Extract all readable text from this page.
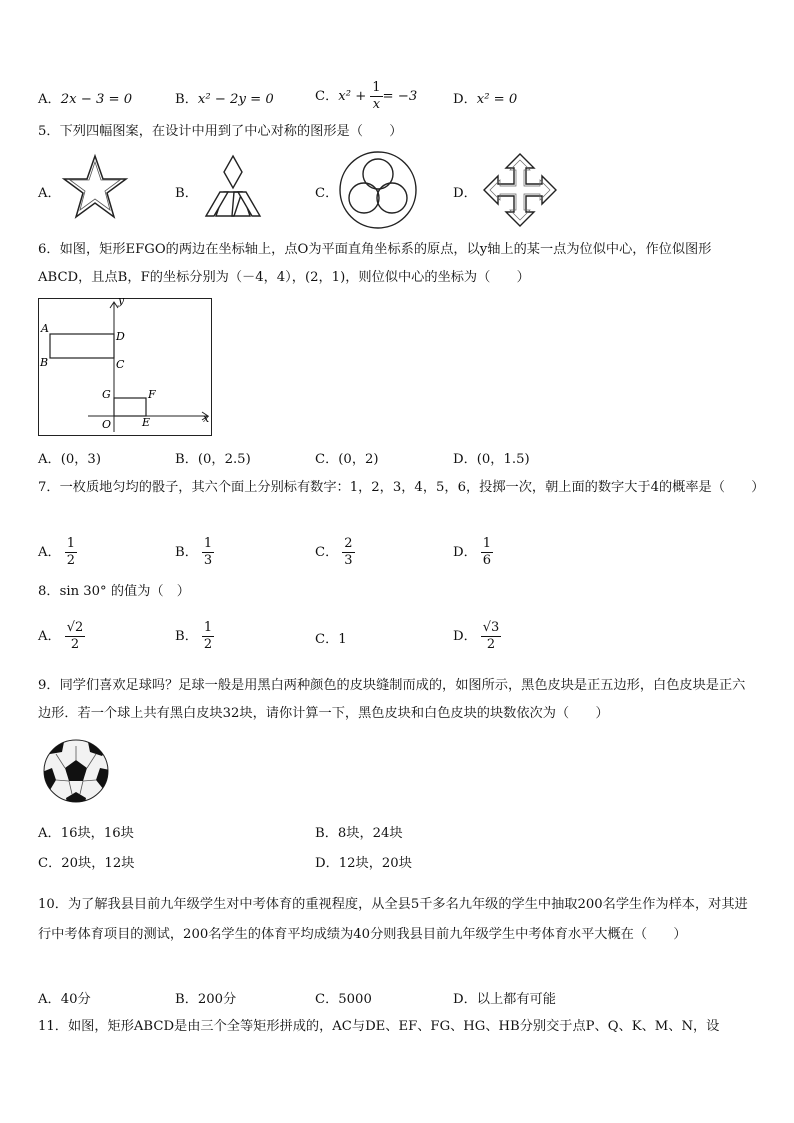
A．2x − 3 = 0	B．x² − 2y = 0	C．$x^2 + \frac{1}{x} = -3$	D．x² = 0
5．下列四幅图案，在设计中用到了中心对称的图形是（　　）
A．	B．	C．	D．
6．如图，矩形EFGO的两边在坐标轴上，点O为平面直角坐标系的原点，以y轴上的某一点为位似中心，作位似图形ABCD，且点B，F的坐标分别为（－4，4），(2，1)，则位似中心的坐标为（　　）
y
x
A
B	C
D
G	F
O	E
A．(0，3)	B．(0，2.5)	C．(0，2)	D．(0，1.5)
7．一枚质地匀均的骰子，其六个面上分别标有数字：1，2，3，4，5，6，投掷一次，朝上面的数字大于4的概率是（　　）
A． $\frac{1}{2}$	B． $\frac{1}{3}$	C． $\frac{2}{3}$	D． $\frac{1}{6}$
8．sin 30° 的值为（　）
A． $\frac{√2}{2}$	B． $\frac{1}{2}$	C．1	D． $\frac{√3}{2}$
9．同学们喜欢足球吗？足球一般是用黑白两种颜色的皮块缝制而成的，如图所示，黑色皮块是正五边形，白色皮块是正六边形．若一个球上共有黑白皮块32块，请你计算一下，黑色皮块和白色皮块的块数依次为（　　）
A．16块，16块	B．8块，24块
C．20块，12块	D．12块，20块
10．为了解我县目前九年级学生对中考体育的重视程度，从全县5千多名九年级的学生中抽取200名学生作为样本，对其进行中考体育项目的测试，200名学生的体育平均成绩为40分则我县目前九年级学生中考体育水平大概在（　　）
A．40分	B．200分	C．5000	D．以上都有可能
11．如图，矩形ABCD是由三个全等矩形拼成的，AC与DE、EF、FG、HG、HB分别交于点P、Q、K、M、N，设
